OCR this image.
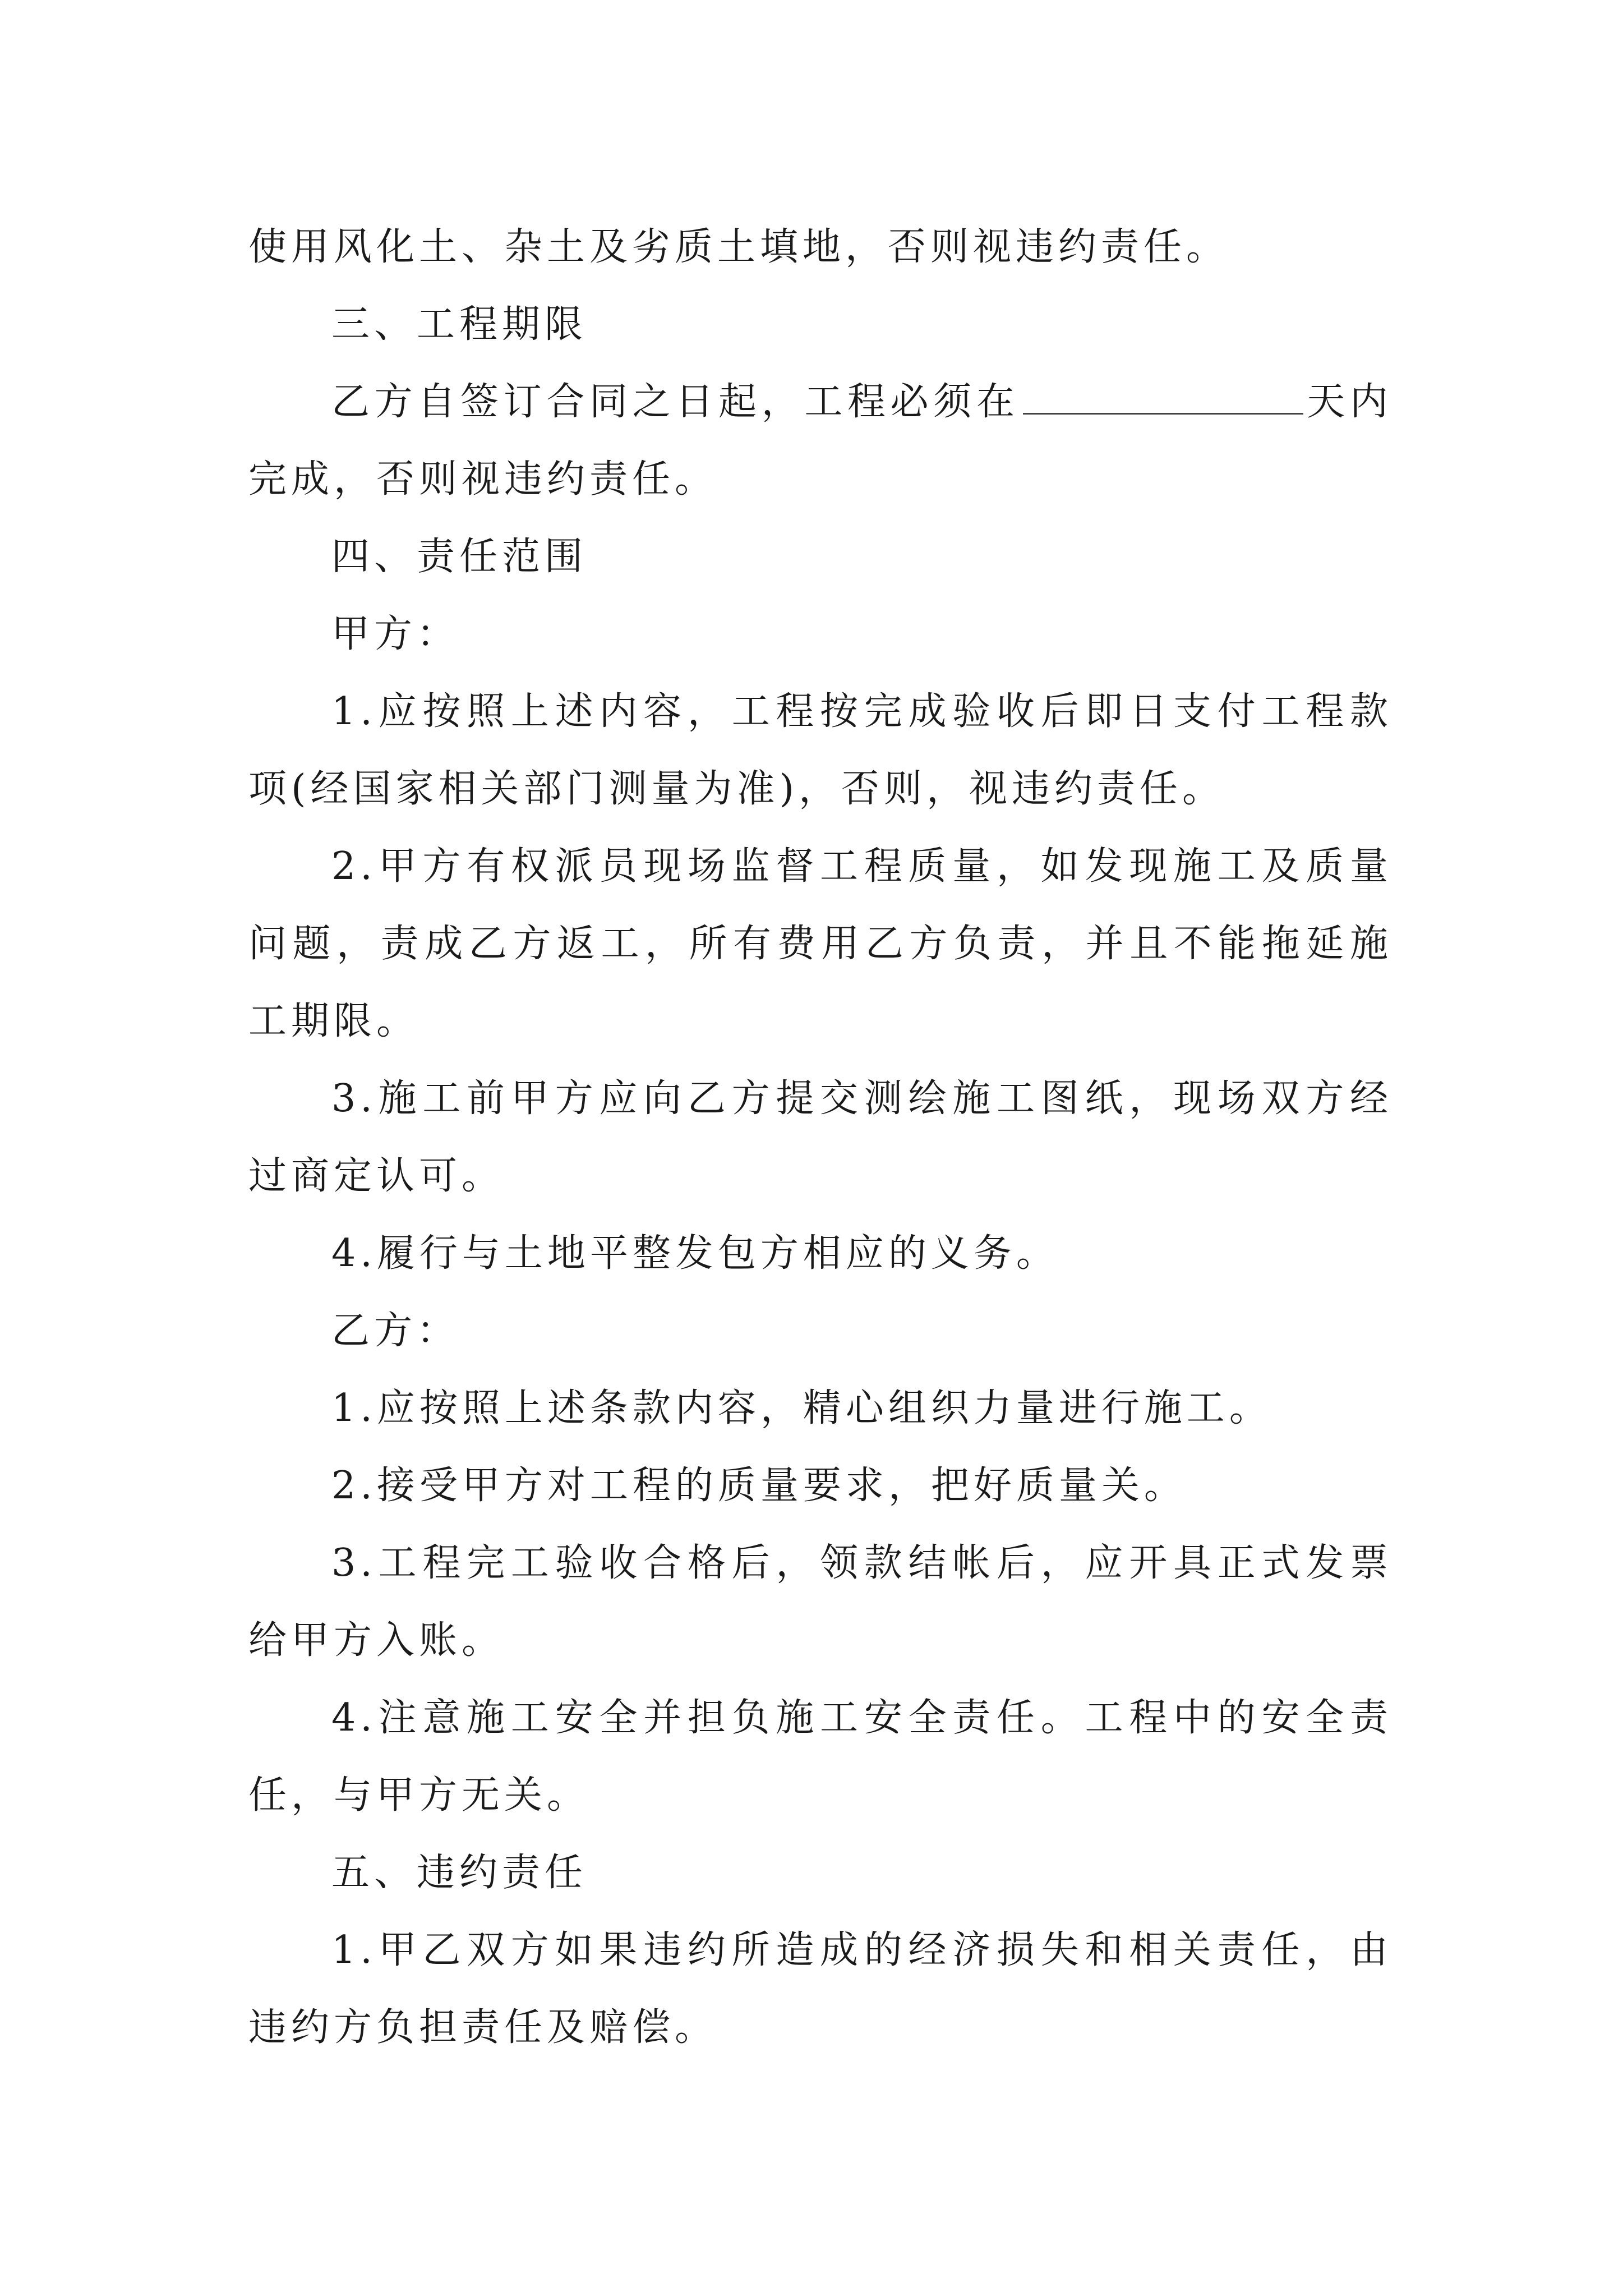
使用风化土、杂土及劣质土填地，否则视违约责任。

三、工程期限

乙方自签订合同之日起，工程必须在	天内完成，否则视违约责任。

四、责任范围

甲方：

1.应按照上述内容，工程按完成验收后即日支付工程款项(经国家相关部门测量为准)，否则，视违约责任。

2.甲方有权派员现场监督工程质量，如发现施工及质量问题，责成乙方返工，所有费用乙方负责，并且不能拖延施工期限。

3.施工前甲方应向乙方提交测绘施工图纸，现场双方经过商定认可。

4.履行与土地平整发包方相应的义务。

乙方：

1.应按照上述条款内容，精心组织力量进行施工。

2.接受甲方对工程的质量要求，把好质量关。

3.工程完工验收合格后，领款结帐后，应开具正式发票给甲方入账。

4.注意施工安全并担负施工安全责任。工程中的安全责任，与甲方无关。

五、违约责任

1.甲乙双方如果违约所造成的经济损失和相关责任，由违约方负担责任及赔偿。
